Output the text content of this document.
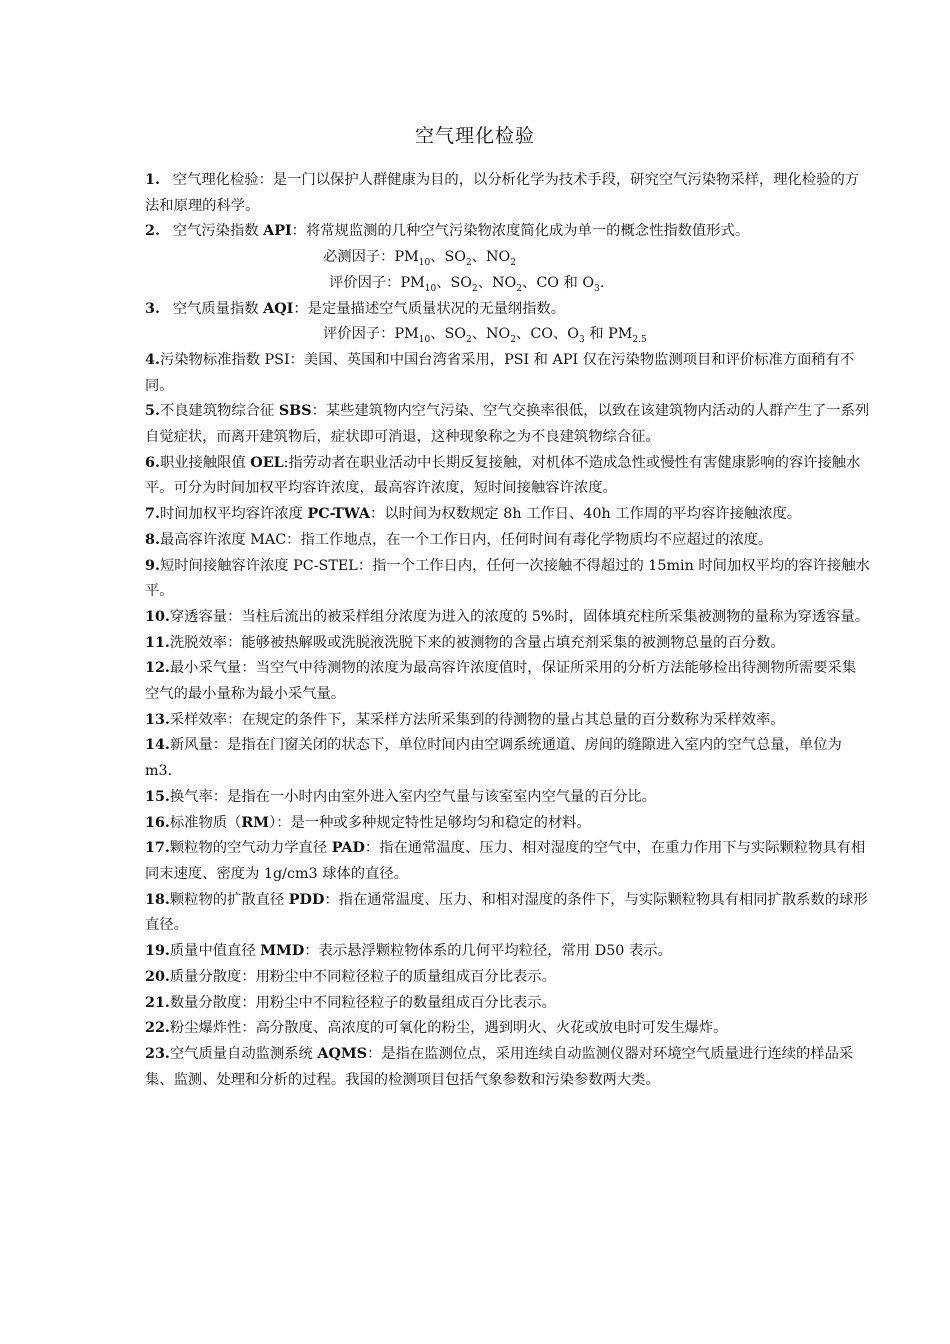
空气理化检验

1. 空气理化检验：是一门以保护人群健康为目的，以分析化学为技术手段，研究空气污染物采样，理化检验的方法和原理的科学。

2. 空气污染指数 API：将常规监测的几种空气污染物浓度简化成为单一的概念性指数值形式。

必测因子：$PM_{10}$、$SO_2$、$NO_2$

评价因子：$PM_{10}$、$SO_2$、$NO_2$、CO 和 $O_3$.

3. 空气质量指数 AQI：是定量描述空气质量状况的无量纲指数。

评价因子：$PM_{10}$、$SO_2$、$NO_2$、CO、$O_3$ 和 $PM_{2.5}$

4.污染物标准指数 PSI：美国、英国和中国台湾省采用，PSI 和 API 仅在污染物监测项目和评价标准方面稍有不同。

5.不良建筑物综合征 SBS：某些建筑物内空气污染、空气交换率很低，以致在该建筑物内活动的人群产生了一系列自觉症状，而离开建筑物后，症状即可消退，这种现象称之为不良建筑物综合征。

6.职业接触限值 OEL:指劳动者在职业活动中长期反复接触，对机体不造成急性或慢性有害健康影响的容许接触水平。可分为时间加权平均容许浓度，最高容许浓度，短时间接触容许浓度。

7.时间加权平均容许浓度 PC-TWA：以时间为权数规定 8h 工作日、40h 工作周的平均容许接触浓度。

8.最高容许浓度 MAC：指工作地点，在一个工作日内，任何时间有毒化学物质均不应超过的浓度。

9.短时间接触容许浓度 PC-STEL：指一个工作日内，任何一次接触不得超过的 15min 时间加权平均的容许接触水平。

10.穿透容量：当柱后流出的被采样组分浓度为进入的浓度的 5%时，固体填充柱所采集被测物的量称为穿透容量。

11.洗脱效率：能够被热解吸或洗脱液洗脱下来的被测物的含量占填充剂采集的被测物总量的百分数。

12.最小采气量：当空气中待测物的浓度为最高容许浓度值时，保证所采用的分析方法能够检出待测物所需要采集空气的最小量称为最小采气量。

13.采样效率：在规定的条件下，某采样方法所采集到的待测物的量占其总量的百分数称为采样效率。

14.新风量：是指在门窗关闭的状态下，单位时间内由空调系统通道、房间的缝隙进入室内的空气总量，单位为 m3.

15.换气率：是指在一小时内由室外进入室内空气量与该室室内空气量的百分比。

16.标准物质（RM）：是一种或多种规定特性足够均匀和稳定的材料。

17.颗粒物的空气动力学直径 PAD：指在通常温度、压力、相对湿度的空气中，在重力作用下与实际颗粒物具有相同末速度、密度为 1g/cm3 球体的直径。

18.颗粒物的扩散直径 PDD：指在通常温度、压力、和相对湿度的条件下，与实际颗粒物具有相同扩散系数的球形直径。

19.质量中值直径 MMD：表示悬浮颗粒物体系的几何平均粒径，常用 D50 表示。

20.质量分散度：用粉尘中不同粒径粒子的质量组成百分比表示。

21.数量分散度：用粉尘中不同粒径粒子的数量组成百分比表示。

22.粉尘爆炸性：高分散度、高浓度的可氧化的粉尘，遇到明火、火花或放电时可发生爆炸。

23.空气质量自动监测系统 AQMS：是指在监测位点，采用连续自动监测仪器对环境空气质量进行连续的样品采集、监测、处理和分析的过程。我国的检测项目包括气象参数和污染参数两大类。
